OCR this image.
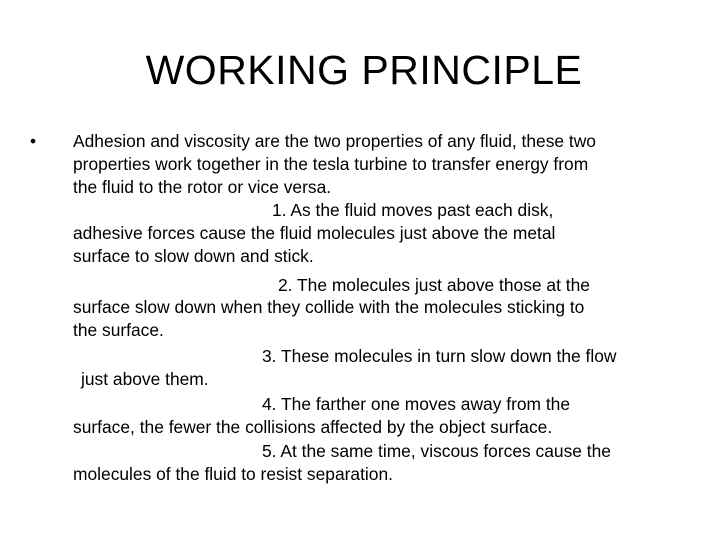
WORKING PRINCIPLE
• Adhesion and viscosity are the two properties of any fluid, these two
properties work together in the tesla turbine to transfer energy from
the fluid to the rotor or vice versa.
1. As the fluid moves past each disk,
adhesive forces cause the fluid molecules just above the metal
surface to slow down and stick.
2. The molecules just above those at the
surface slow down when they collide with the molecules sticking to
the surface.
3. These molecules in turn slow down the flow
just above them.
4. The farther one moves away from the
surface, the fewer the collisions affected by the object surface.
5. At the same time, viscous forces cause the
molecules of the fluid to resist separation.
